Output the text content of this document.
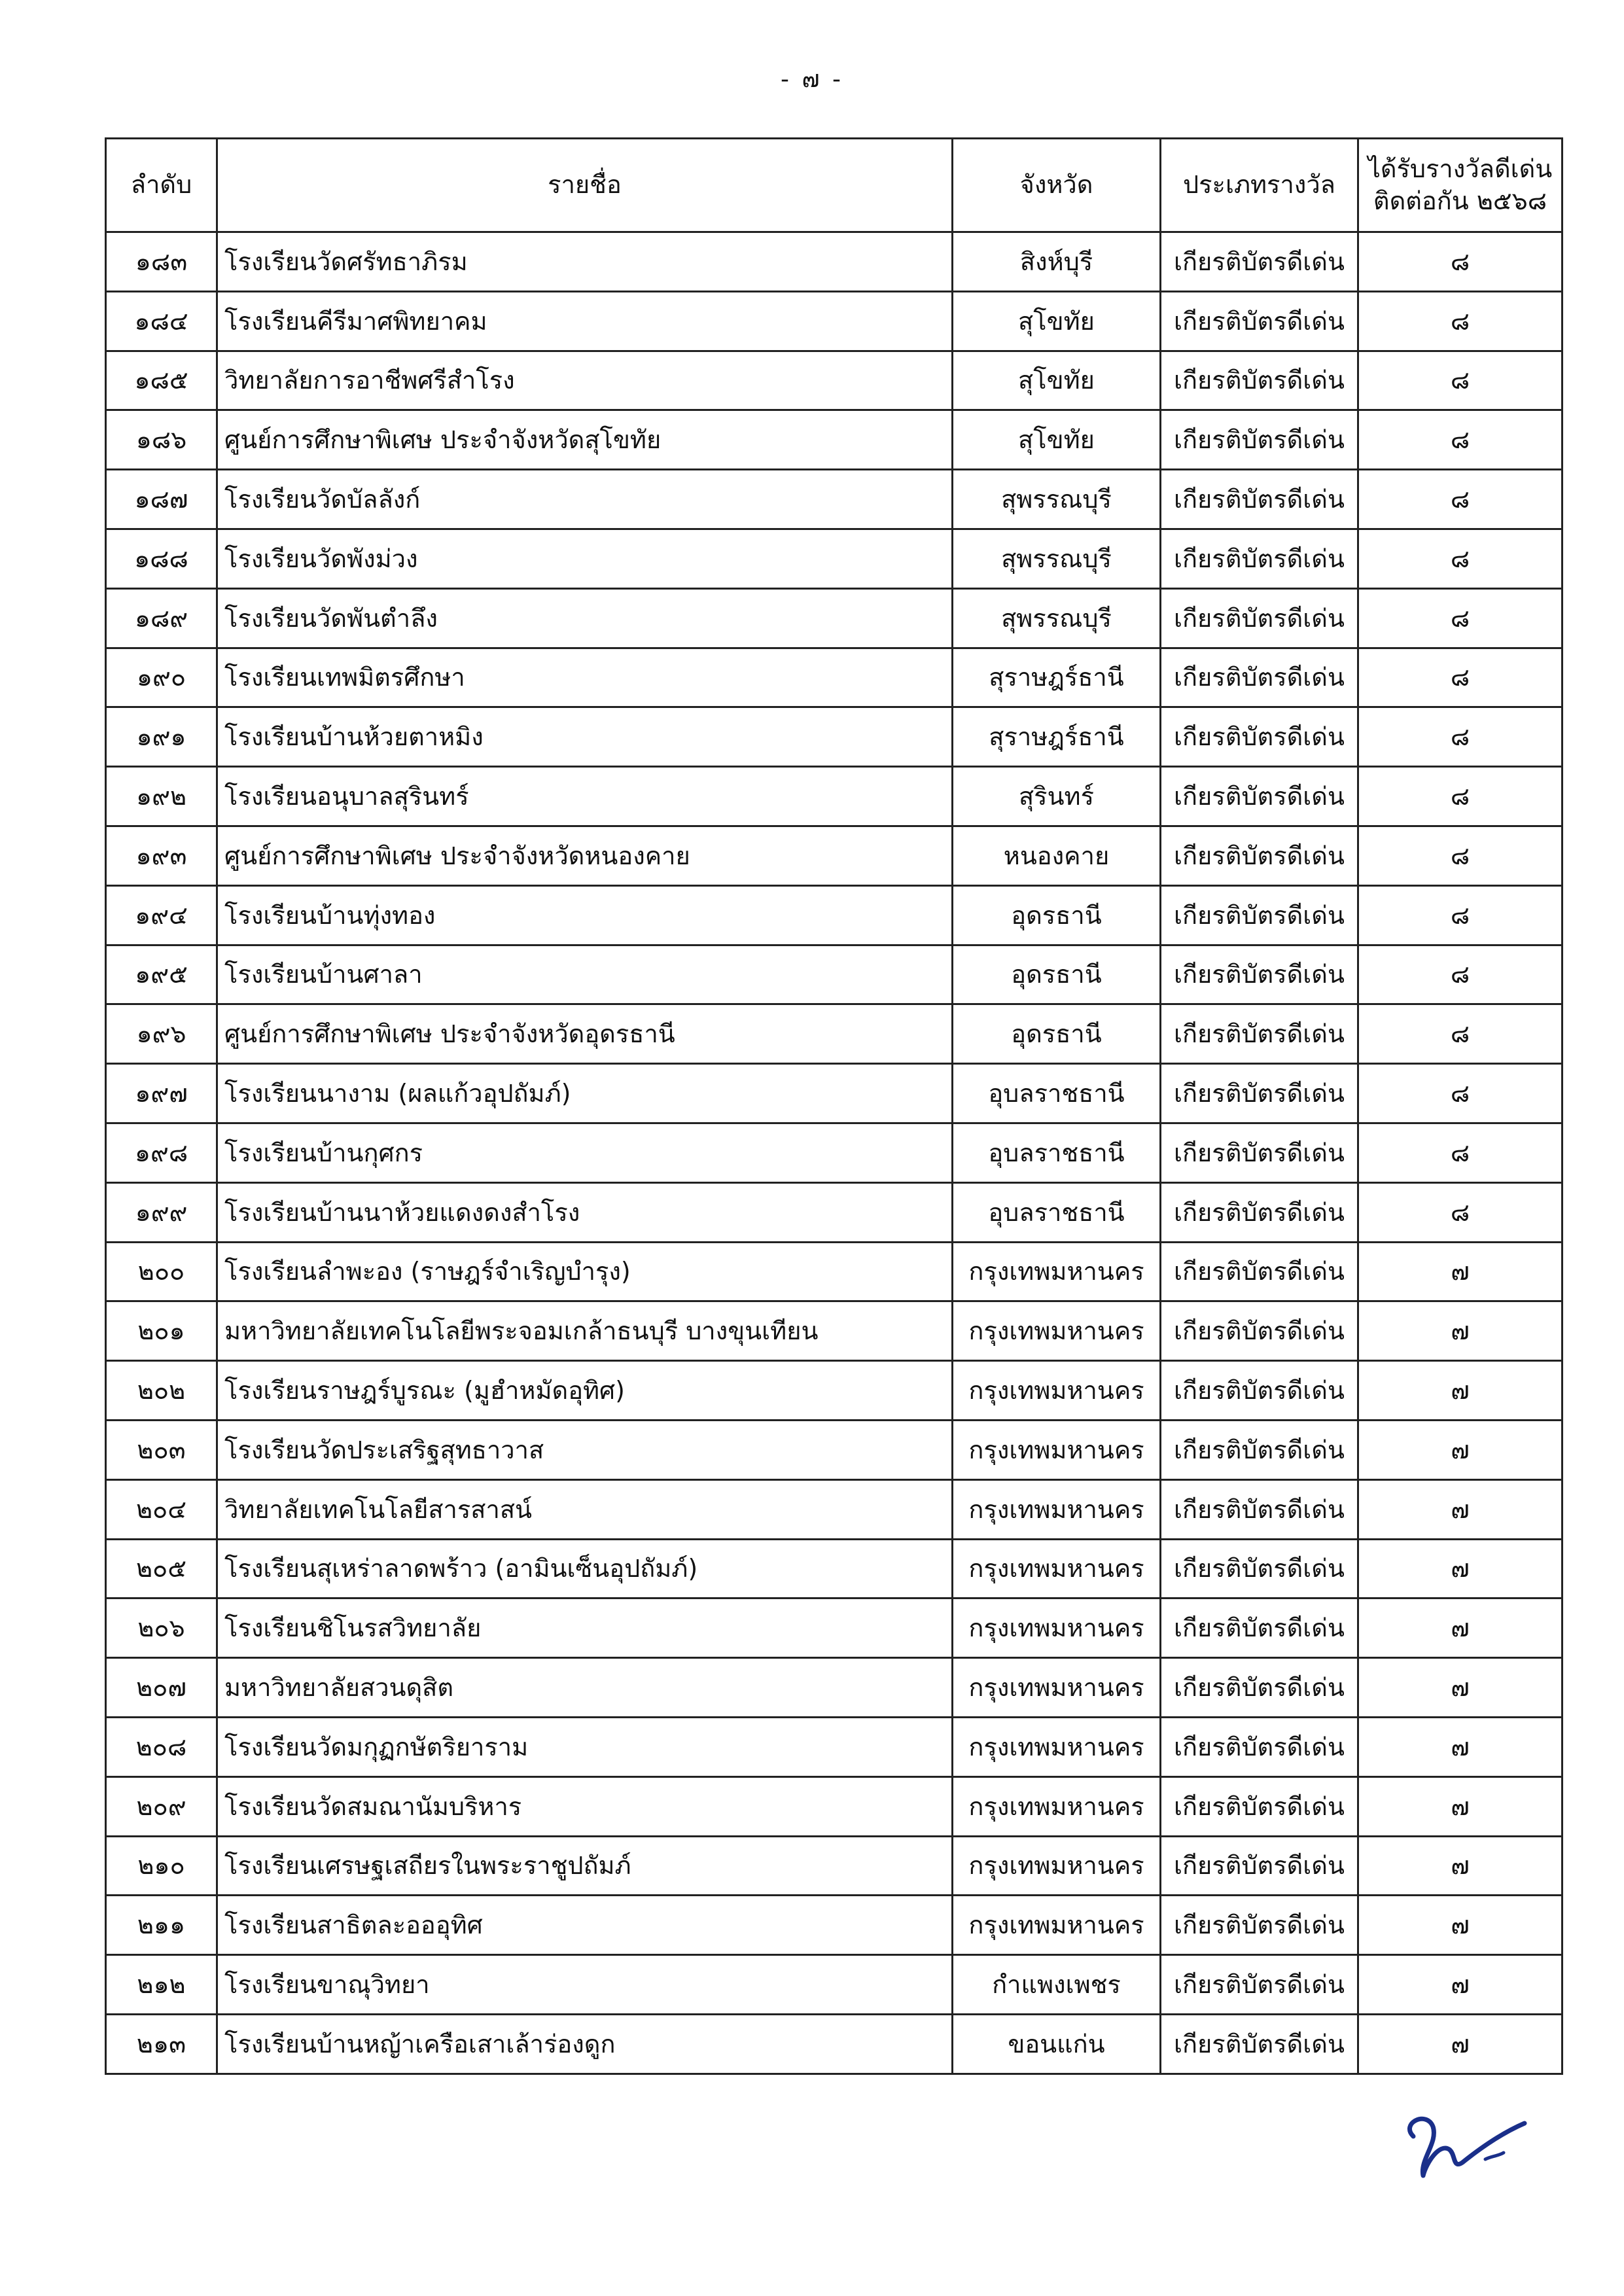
- ๗ -
ลำดับ	รายชื่อ	จังหวัด	ประเภทรางวัล	ได้รับรางวัลดีเด่น
ติดต่อกัน ๒๕๖๘
๑๘๓	โรงเรียนวัดศรัทธาภิรม	สิงห์บุรี	เกียรติบัตรดีเด่น	๘
๑๘๔	โรงเรียนคีรีมาศพิทยาคม	สุโขทัย	เกียรติบัตรดีเด่น	๘
๑๘๕	วิทยาลัยการอาชีพศรีสำโรง	สุโขทัย	เกียรติบัตรดีเด่น	๘
๑๘๖	ศูนย์การศึกษาพิเศษ ประจำจังหวัดสุโขทัย	สุโขทัย	เกียรติบัตรดีเด่น	๘
๑๘๗	โรงเรียนวัดบัลลังก์	สุพรรณบุรี	เกียรติบัตรดีเด่น	๘
๑๘๘	โรงเรียนวัดพังม่วง	สุพรรณบุรี	เกียรติบัตรดีเด่น	๘
๑๘๙	โรงเรียนวัดพันตำลึง	สุพรรณบุรี	เกียรติบัตรดีเด่น	๘
๑๙๐	โรงเรียนเทพมิตรศึกษา	สุราษฎร์ธานี	เกียรติบัตรดีเด่น	๘
๑๙๑	โรงเรียนบ้านห้วยตาหมิง	สุราษฎร์ธานี	เกียรติบัตรดีเด่น	๘
๑๙๒	โรงเรียนอนุบาลสุรินทร์	สุรินทร์	เกียรติบัตรดีเด่น	๘
๑๙๓	ศูนย์การศึกษาพิเศษ ประจำจังหวัดหนองคาย	หนองคาย	เกียรติบัตรดีเด่น	๘
๑๙๔	โรงเรียนบ้านทุ่งทอง	อุดรธานี	เกียรติบัตรดีเด่น	๘
๑๙๕	โรงเรียนบ้านศาลา	อุดรธานี	เกียรติบัตรดีเด่น	๘
๑๙๖	ศูนย์การศึกษาพิเศษ ประจำจังหวัดอุดรธานี	อุดรธานี	เกียรติบัตรดีเด่น	๘
๑๙๗	โรงเรียนนางาม (ผลแก้วอุปถัมภ์)	อุบลราชธานี	เกียรติบัตรดีเด่น	๘
๑๙๘	โรงเรียนบ้านกุศกร	อุบลราชธานี	เกียรติบัตรดีเด่น	๘
๑๙๙	โรงเรียนบ้านนาห้วยแดงดงสำโรง	อุบลราชธานี	เกียรติบัตรดีเด่น	๘
๒๐๐	โรงเรียนลำพะอง (ราษฎร์จำเริญบำรุง)	กรุงเทพมหานคร	เกียรติบัตรดีเด่น	๗
๒๐๑	มหาวิทยาลัยเทคโนโลยีพระจอมเกล้าธนบุรี บางขุนเทียน	กรุงเทพมหานคร	เกียรติบัตรดีเด่น	๗
๒๐๒	โรงเรียนราษฎร์บูรณะ (มูฮำหมัดอุทิศ)	กรุงเทพมหานคร	เกียรติบัตรดีเด่น	๗
๒๐๓	โรงเรียนวัดประเสริฐสุทธาวาส	กรุงเทพมหานคร	เกียรติบัตรดีเด่น	๗
๒๐๔	วิทยาลัยเทคโนโลยีสารสาสน์	กรุงเทพมหานคร	เกียรติบัตรดีเด่น	๗
๒๐๕	โรงเรียนสุเหร่าลาดพร้าว (อามินเซ็นอุปถัมภ์)	กรุงเทพมหานคร	เกียรติบัตรดีเด่น	๗
๒๐๖	โรงเรียนชิโนรสวิทยาลัย	กรุงเทพมหานคร	เกียรติบัตรดีเด่น	๗
๒๐๗	มหาวิทยาลัยสวนดุสิต	กรุงเทพมหานคร	เกียรติบัตรดีเด่น	๗
๒๐๘	โรงเรียนวัดมกุฏกษัตริยาราม	กรุงเทพมหานคร	เกียรติบัตรดีเด่น	๗
๒๐๙	โรงเรียนวัดสมณานัมบริหาร	กรุงเทพมหานคร	เกียรติบัตรดีเด่น	๗
๒๑๐	โรงเรียนเศรษฐเสถียรในพระราชูปถัมภ์	กรุงเทพมหานคร	เกียรติบัตรดีเด่น	๗
๒๑๑	โรงเรียนสาธิตละอออุทิศ	กรุงเทพมหานคร	เกียรติบัตรดีเด่น	๗
๒๑๒	โรงเรียนขาณุวิทยา	กำแพงเพชร	เกียรติบัตรดีเด่น	๗
๒๑๓	โรงเรียนบ้านหญ้าเครือเสาเล้าร่องดูก	ขอนแก่น	เกียรติบัตรดีเด่น	๗
